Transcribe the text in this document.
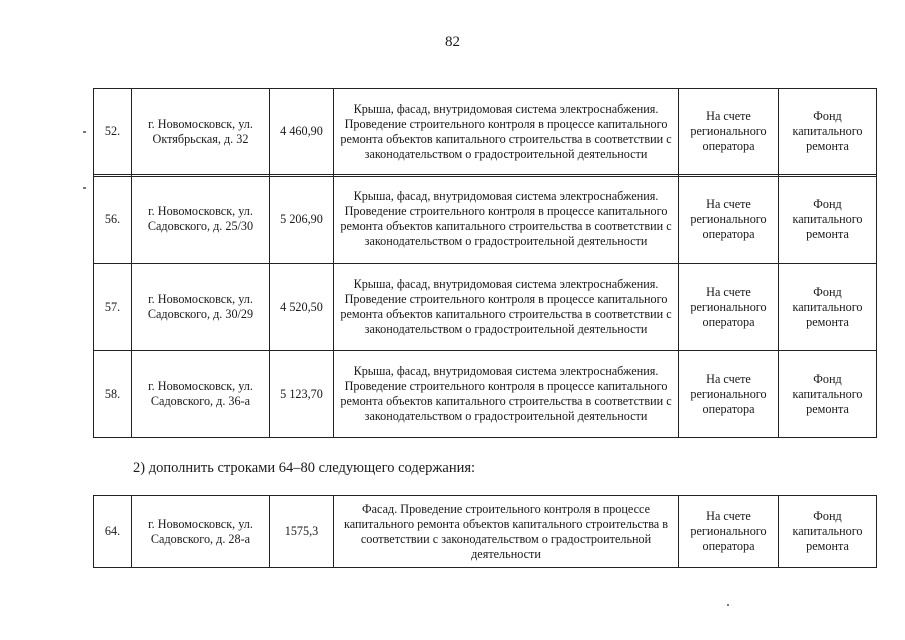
82
52.	г. Новомосковск, ул. Октябрьская, д. 32	4 460,90	Крыша, фасад, внутридомовая система электроснабжения. Проведение строительного контроля в процессе капитального ремонта объектов капитального строительства в соответствии с законодательством о градостроительной деятельности	На счете регионального оператора	Фонд капитального ремонта
56.	г. Новомосковск, ул. Садовского, д. 25/30	5 206,90	Крыша, фасад, внутридомовая система электроснабжения. Проведение строительного контроля в процессе капитального ремонта объектов капитального строительства в соответствии с законодательством о градостроительной деятельности	На счете регионального оператора	Фонд капитального ремонта
57.	г. Новомосковск, ул. Садовского, д. 30/29	4 520,50	Крыша, фасад, внутридомовая система электроснабжения. Проведение строительного контроля в процессе капитального ремонта объектов капитального строительства в соответствии с законодательством о градостроительной деятельности	На счете регионального оператора	Фонд капитального ремонта
58.	г. Новомосковск, ул. Садовского, д. 36-а	5 123,70	Крыша, фасад, внутридомовая система электроснабжения. Проведение строительного контроля в процессе капитального ремонта объектов капитального строительства в соответствии с законодательством о градостроительной деятельности	На счете регионального оператора	Фонд капитального ремонта
2) дополнить строками 64–80 следующего содержания:
64.	г. Новомосковск, ул. Садовского, д. 28-а	1575,3	Фасад. Проведение строительного контроля в процессе капитального ремонта объектов капитального строительства в соответствии с законодательством о градостроительной деятельности	На счете регионального оператора	Фонд капитального ремонта
